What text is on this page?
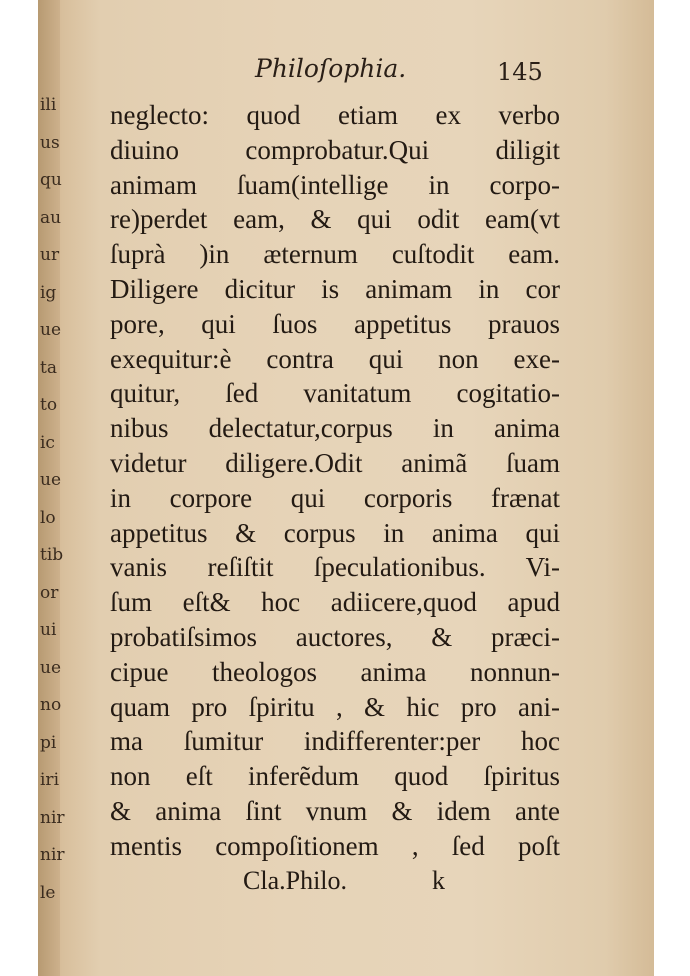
ili
us
qu
au
ur
ig
ue
ta
to
ic
ue
lo
tib
or
ui
ue
no
pi
iri
nir
nir
le
Philoſophia.	145
neglecto: quod etiam ex verbo
diuino comprobatur.Qui diligit
animam ſuam(intellige in corpo-
re)perdet eam, & qui odit eam(vt
ſuprà )in æternum cuſtodit eam.
Diligere dicitur is animam in cor
pore, qui ſuos appetitus prauos
exequitur:è contra qui non exe-
quitur, ſed vanitatum cogitatio-
nibus delectatur,corpus in anima
videtur diligere.Odit animã ſuam
in corpore qui corporis frænat
appetitus & corpus in anima qui
vanis reſiſtit ſpeculationibus. Vi-
ſum eſt& hoc adiicere,quod apud
probatiſsimos auctores, & præci-
cipue theologos anima nonnun-
quam pro ſpiritu , & hic pro ani-
ma ſumitur indifferenter:per hoc
non eſt inferẽdum quod ſpiritus
& anima ſint vnum & idem ante
mentis compoſitionem , ſed poſt
Cla.Philo.	k
